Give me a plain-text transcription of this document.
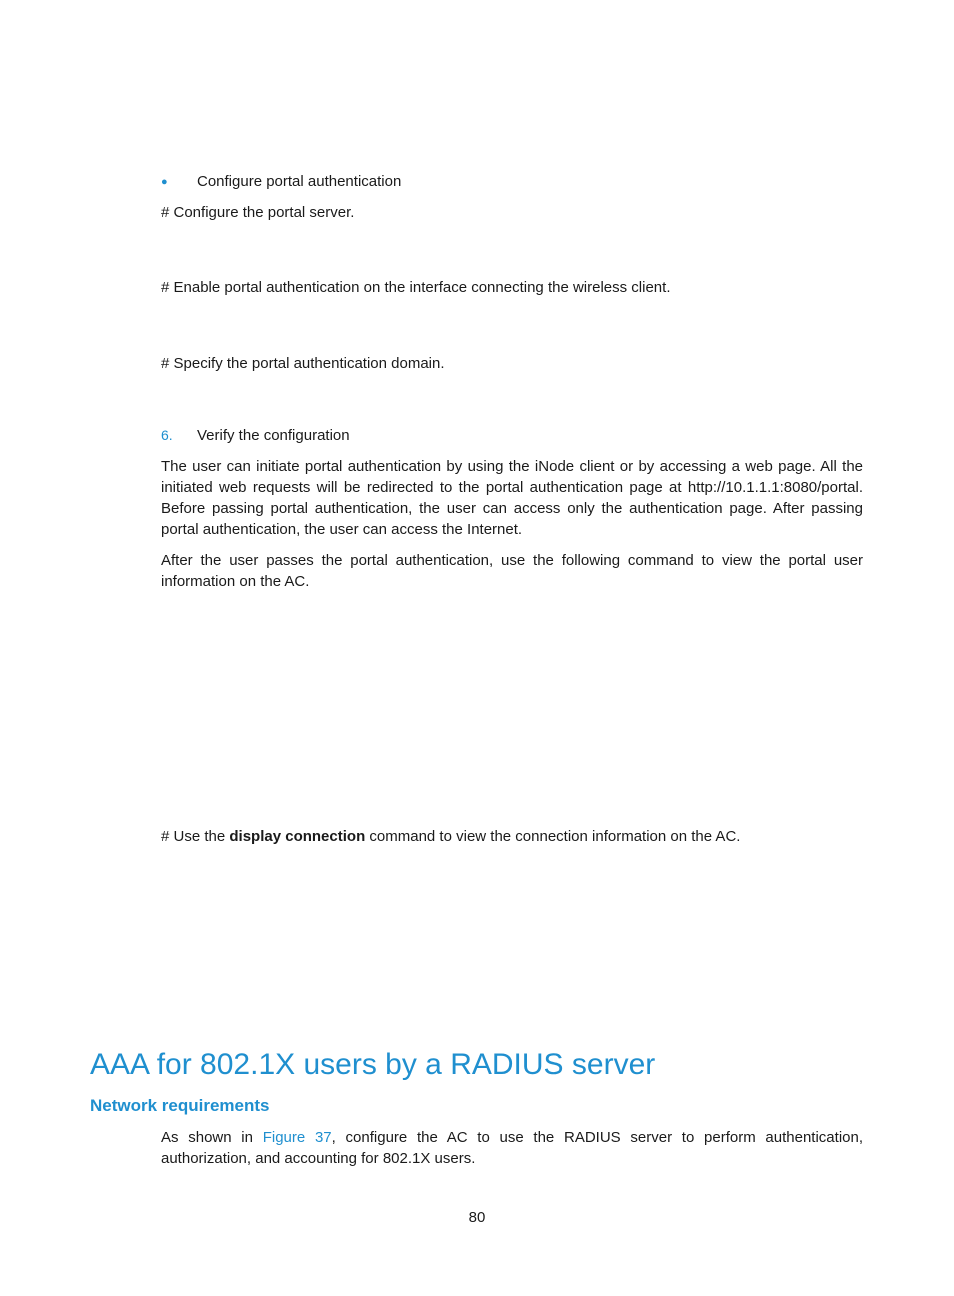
● Configure portal authentication
# Configure the portal server.
# Enable portal authentication on the interface connecting the wireless client.
# Specify the portal authentication domain.
6. Verify the configuration
The user can initiate portal authentication by using the iNode client or by accessing a web page. All the initiated web requests will be redirected to the portal authentication page at http://10.1.1.1:8080/portal. Before passing portal authentication, the user can access only the authentication page. After passing portal authentication, the user can access the Internet.
After the user passes the portal authentication, use the following command to view the portal user information on the AC.
# Use the display connection command to view the connection information on the AC.
AAA for 802.1X users by a RADIUS server
Network requirements
As shown in Figure 37, configure the AC to use the RADIUS server to perform authentication, authorization, and accounting for 802.1X users.
80
